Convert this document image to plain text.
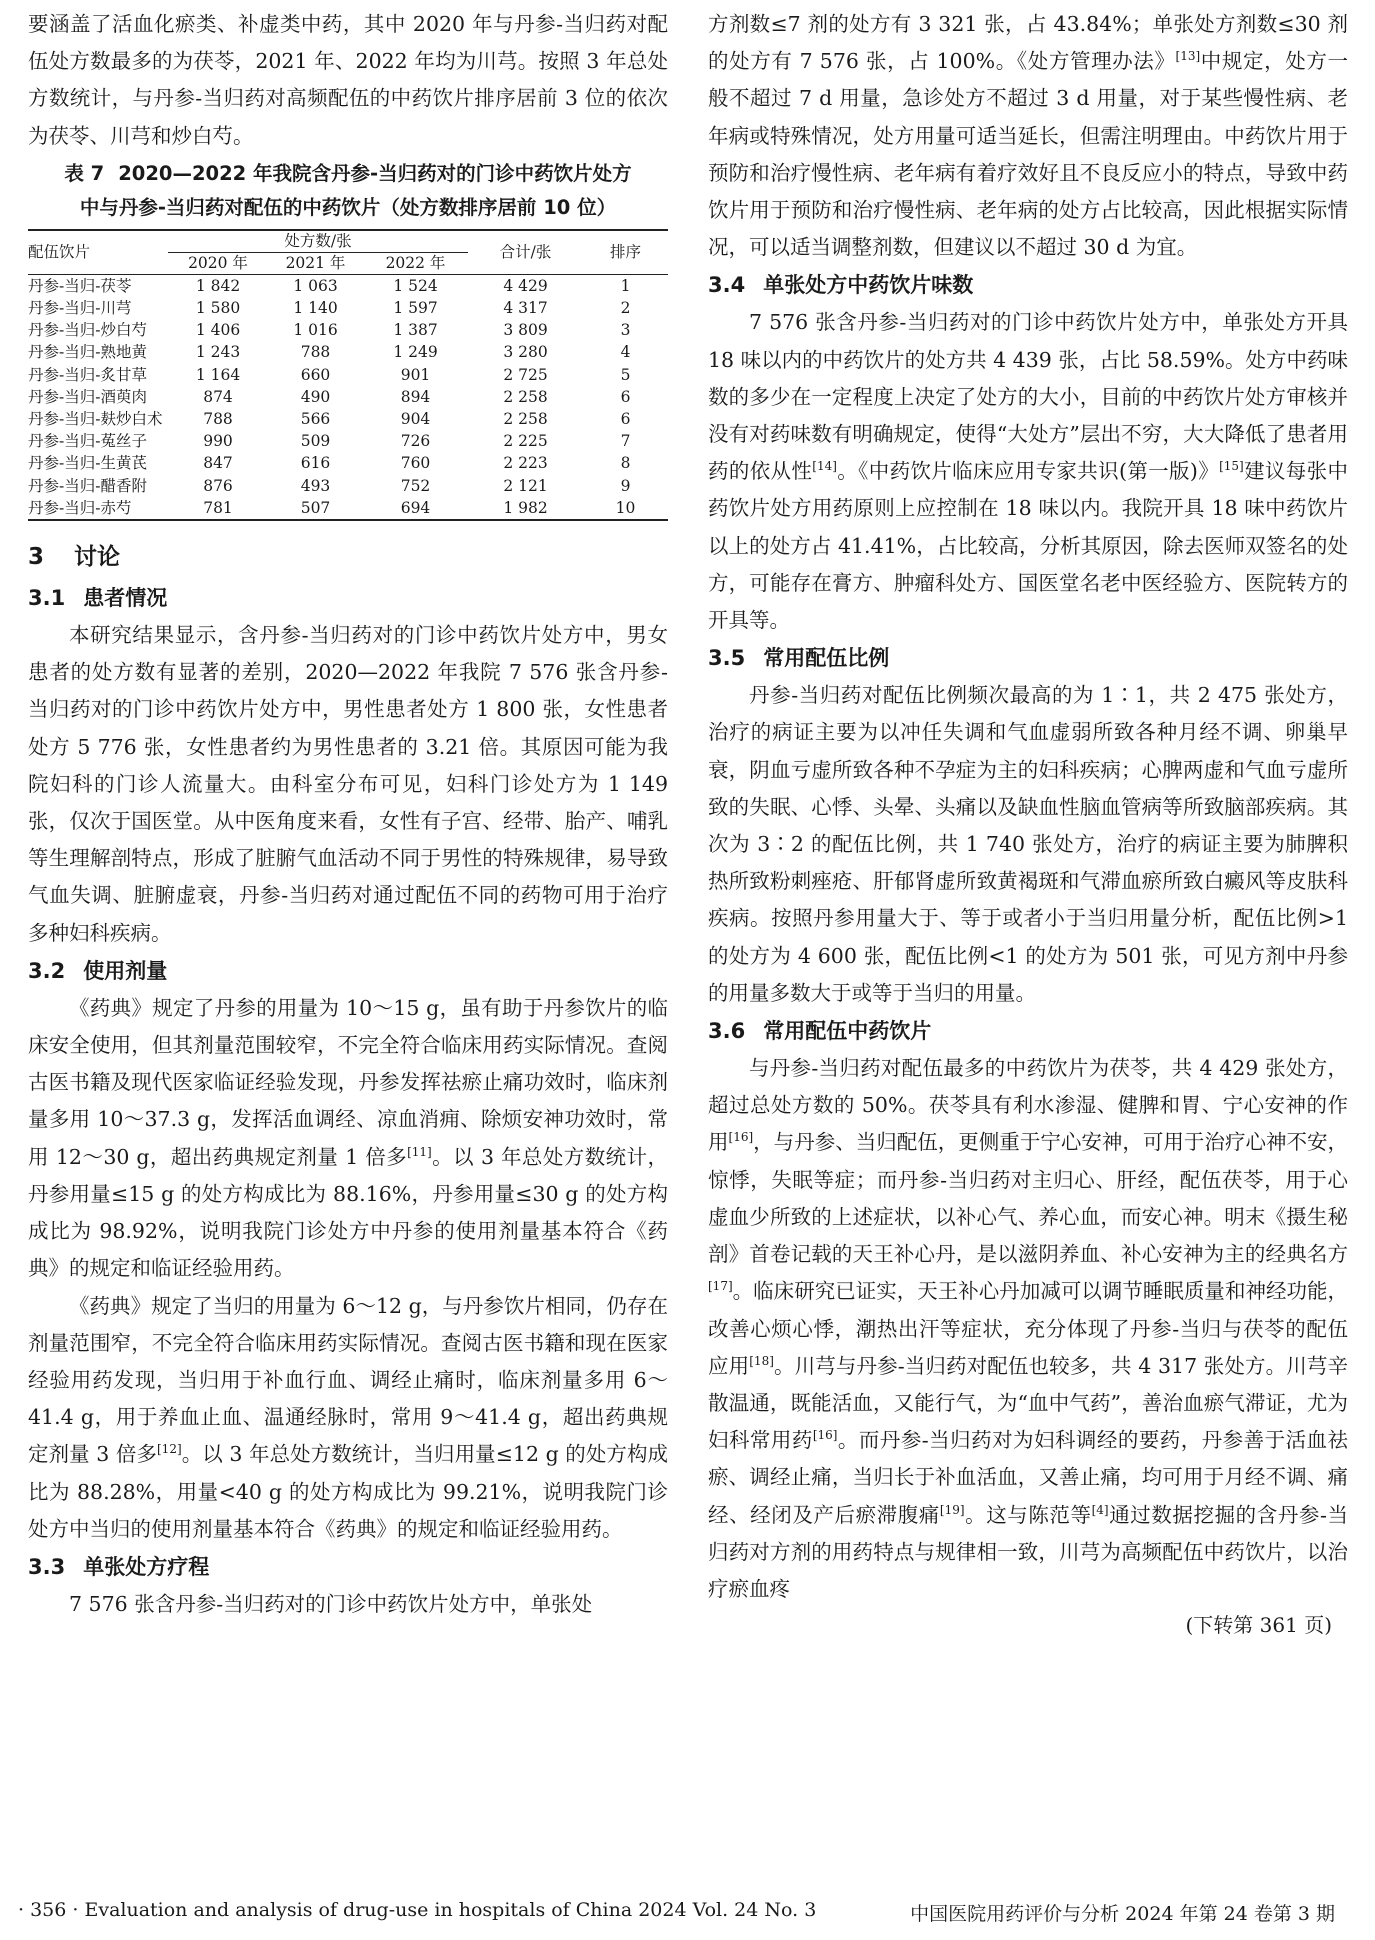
要涵盖了活血化瘀类、补虚类中药，其中 2020 年与丹参-当归药对配伍处方数最多的为茯苓，2021 年、2022 年均为川芎。按照 3 年总处方数统计，与丹参-当归药对高频配伍的中药饮片排序居前 3 位的依次为茯苓、川芎和炒白芍。

表 7 2020—2022 年我院含丹参-当归药对的门诊中药饮片处方
中与丹参-当归药对配伍的中药饮片（处方数排序居前 10 位）
配伍饮片	处方数/张			合计/张	排序
	2020 年	2021 年	2022 年		
丹参-当归-茯苓	1 842	1 063	1 524	4 429	1
丹参-当归-川芎	1 580	1 140	1 597	4 317	2
丹参-当归-炒白芍	1 406	1 016	1 387	3 809	3
丹参-当归-熟地黄	1 243	788	1 249	3 280	4
丹参-当归-炙甘草	1 164	660	901	2 725	5
丹参-当归-酒萸肉	874	490	894	2 258	6
丹参-当归-麸炒白术	788	566	904	2 258	6
丹参-当归-菟丝子	990	509	726	2 225	7
丹参-当归-生黄芪	847	616	760	2 223	8
丹参-当归-醋香附	876	493	752	2 121	9
丹参-当归-赤芍	781	507	694	1 982	10
3 讨论
3.1 患者情况

本研究结果显示，含丹参-当归药对的门诊中药饮片处方中，男女患者的处方数有显著的差别，2020—2022 年我院 7 576 张含丹参-当归药对的门诊中药饮片处方中，男性患者处方 1 800 张，女性患者处方 5 776 张，女性患者约为男性患者的 3.21 倍。其原因可能为我院妇科的门诊人流量大。由科室分布可见，妇科门诊处方为 1 149 张，仅次于国医堂。从中医角度来看，女性有子宫、经带、胎产、哺乳等生理解剖特点，形成了脏腑气血活动不同于男性的特殊规律，易导致气血失调、脏腑虚衰，丹参-当归药对通过配伍不同的药物可用于治疗多种妇科疾病。

3.2 使用剂量

《药典》规定了丹参的用量为 10～15 g，虽有助于丹参饮片的临床安全使用，但其剂量范围较窄，不完全符合临床用药实际情况。查阅古医书籍及现代医家临证经验发现，丹参发挥祛瘀止痛功效时，临床剂量多用 10～37.3 g，发挥活血调经、凉血消痈、除烦安神功效时，常用 12～30 g，超出药典规定剂量 1 倍多[11]。以 3 年总处方数统计，丹参用量≤15 g 的处方构成比为 88.16%，丹参用量≤30 g 的处方构成比为 98.92%，说明我院门诊处方中丹参的使用剂量基本符合《药典》的规定和临证经验用药。

《药典》规定了当归的用量为 6～12 g，与丹参饮片相同，仍存在剂量范围窄，不完全符合临床用药实际情况。查阅古医书籍和现在医家经验用药发现，当归用于补血行血、调经止痛时，临床剂量多用 6～41.4 g，用于养血止血、温通经脉时，常用 9～41.4 g，超出药典规定剂量 3 倍多[12]。以 3 年总处方数统计，当归用量≤12 g 的处方构成比为 88.28%，用量<40 g 的处方构成比为 99.21%，说明我院门诊处方中当归的使用剂量基本符合《药典》的规定和临证经验用药。

3.3 单张处方疗程

7 576 张含丹参-当归药对的门诊中药饮片处方中，单张处

方剂数≤7 剂的处方有 3 321 张，占 43.84%；单张处方剂数≤30 剂的处方有 7 576 张，占 100%。《处方管理办法》[13]中规定，处方一般不超过 7 d 用量，急诊处方不超过 3 d 用量，对于某些慢性病、老年病或特殊情况，处方用量可适当延长，但需注明理由。中药饮片用于预防和治疗慢性病、老年病有着疗效好且不良反应小的特点，导致中药饮片用于预防和治疗慢性病、老年病的处方占比较高，因此根据实际情况，可以适当调整剂数，但建议以不超过 30 d 为宜。

3.4 单张处方中药饮片味数

7 576 张含丹参-当归药对的门诊中药饮片处方中，单张处方开具 18 味以内的中药饮片的处方共 4 439 张，占比 58.59%。处方中药味数的多少在一定程度上决定了处方的大小，目前的中药饮片处方审核并没有对药味数有明确规定，使得“大处方”层出不穷，大大降低了患者用药的依从性[14]。《中药饮片临床应用专家共识(第一版)》[15]建议每张中药饮片处方用药原则上应控制在 18 味以内。我院开具 18 味中药饮片以上的处方占 41.41%，占比较高，分析其原因，除去医师双签名的处方，可能存在膏方、肿瘤科处方、国医堂名老中医经验方、医院转方的开具等。

3.5 常用配伍比例

丹参-当归药对配伍比例频次最高的为 1∶1，共 2 475 张处方，治疗的病证主要为以冲任失调和气血虚弱所致各种月经不调、卵巢早衰，阴血亏虚所致各种不孕症为主的妇科疾病；心脾两虚和气血亏虚所致的失眠、心悸、头晕、头痛以及缺血性脑血管病等所致脑部疾病。其次为 3∶2 的配伍比例，共 1 740 张处方，治疗的病证主要为肺脾积热所致粉刺痤疮、肝郁肾虚所致黄褐斑和气滞血瘀所致白癜风等皮肤科疾病。按照丹参用量大于、等于或者小于当归用量分析，配伍比例>1 的处方为 4 600 张，配伍比例<1 的处方为 501 张，可见方剂中丹参的用量多数大于或等于当归的用量。

3.6 常用配伍中药饮片

与丹参-当归药对配伍最多的中药饮片为茯苓，共 4 429 张处方，超过总处方数的 50%。茯苓具有利水渗湿、健脾和胃、宁心安神的作用[16]，与丹参、当归配伍，更侧重于宁心安神，可用于治疗心神不安，惊悸，失眠等症；而丹参-当归药对主归心、肝经，配伍茯苓，用于心虚血少所致的上述症状，以补心气、养心血，而安心神。明末《摄生秘剖》首卷记载的天王补心丹，是以滋阴养血、补心安神为主的经典名方[17]。临床研究已证实，天王补心丹加减可以调节睡眠质量和神经功能，改善心烦心悸，潮热出汗等症状，充分体现了丹参-当归与茯苓的配伍应用[18]。川芎与丹参-当归药对配伍也较多，共 4 317 张处方。川芎辛散温通，既能活血，又能行气，为“血中气药”，善治血瘀气滞证，尤为妇科常用药[16]。而丹参-当归药对为妇科调经的要药，丹参善于活血祛瘀、调经止痛，当归长于补血活血，又善止痛，均可用于月经不调、痛经、经闭及产后瘀滞腹痛[19]。这与陈范等[4]通过数据挖掘的含丹参-当归药对方剂的用药特点与规律相一致，川芎为高频配伍中药饮片，以治疗瘀血疼

(下转第 361 页)

· 356 · Evaluation and analysis of drug-use in hospitals of China 2024 Vol. 24 No. 3	中国医院用药评价与分析 2024 年第 24 卷第 3 期
